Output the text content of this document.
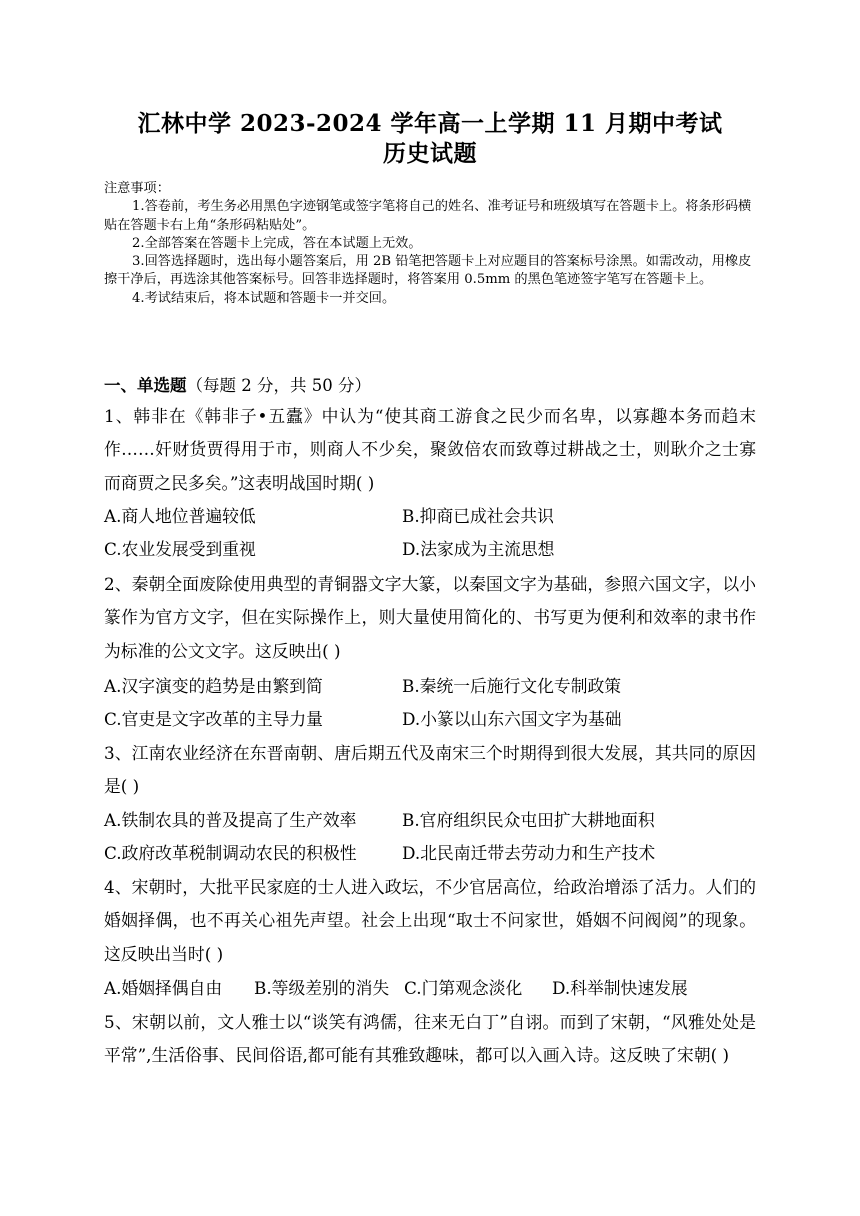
汇林中学 2023-2024 学年高一上学期 11 月期中考试
历史试题

注意事项：

1.答卷前，考生务必用黑色字迹钢笔或签字笔将自己的姓名、准考证号和班级填写在答题卡上。将条形码横贴在答题卡右上角“条形码粘贴处”。

2.全部答案在答题卡上完成，答在本试题上无效。

3.回答选择题时，选出每小题答案后，用 2B 铅笔把答题卡上对应题目的答案标号涂黑。如需改动，用橡皮擦干净后，再选涂其他答案标号。回答非选择题时，将答案用 0.5mm 的黑色笔迹签字笔写在答题卡上。

4.考试结束后，将本试题和答题卡一并交回。

一、单选题（每题 2 分，共 50 分）
1、韩非在《韩非子•五蠹》中认为“使其商工游食之民少而名卑，以寡趣本务而趋末作……奸财货贾得用于市，则商人不少矣，聚敛倍农而致尊过耕战之士，则耿介之士寡而商贾之民多矣。”这表明战国时期( )
A.商人地位普遍较低	B.抑商已成社会共识
C.农业发展受到重视	D.法家成为主流思想
2、秦朝全面废除使用典型的青铜器文字大篆，以秦国文字为基础，参照六国文字，以小篆作为官方文字，但在实际操作上，则大量使用简化的、书写更为便利和效率的隶书作为标准的公文文字。这反映出( )
A.汉字演变的趋势是由繁到简	B.秦统一后施行文化专制政策
C.官吏是文字改革的主导力量	D.小篆以山东六国文字为基础
3、江南农业经济在东晋南朝、唐后期五代及南宋三个时期得到很大发展，其共同的原因是( )
A.铁制农具的普及提高了生产效率	B.官府组织民众屯田扩大耕地面积
C.政府改革税制调动农民的积极性	D.北民南迁带去劳动力和生产技术
4、宋朝时，大批平民家庭的士人进入政坛，不少官居高位，给政治增添了活力。人们的婚姻择偶，也不再关心祖先声望。社会上出现“取士不问家世，婚姻不问阀阅”的现象。这反映出当时( )
A.婚姻择偶自由 B.等级差别的消失 C.门第观念淡化 D.科举制快速发展
5、宋朝以前，文人雅士以“谈笑有鸿儒，往来无白丁”自诩。而到了宋朝，“风雅处处是平常”,生活俗事、民间俗语,都可能有其雅致趣味，都可以入画入诗。这反映了宋朝( )
